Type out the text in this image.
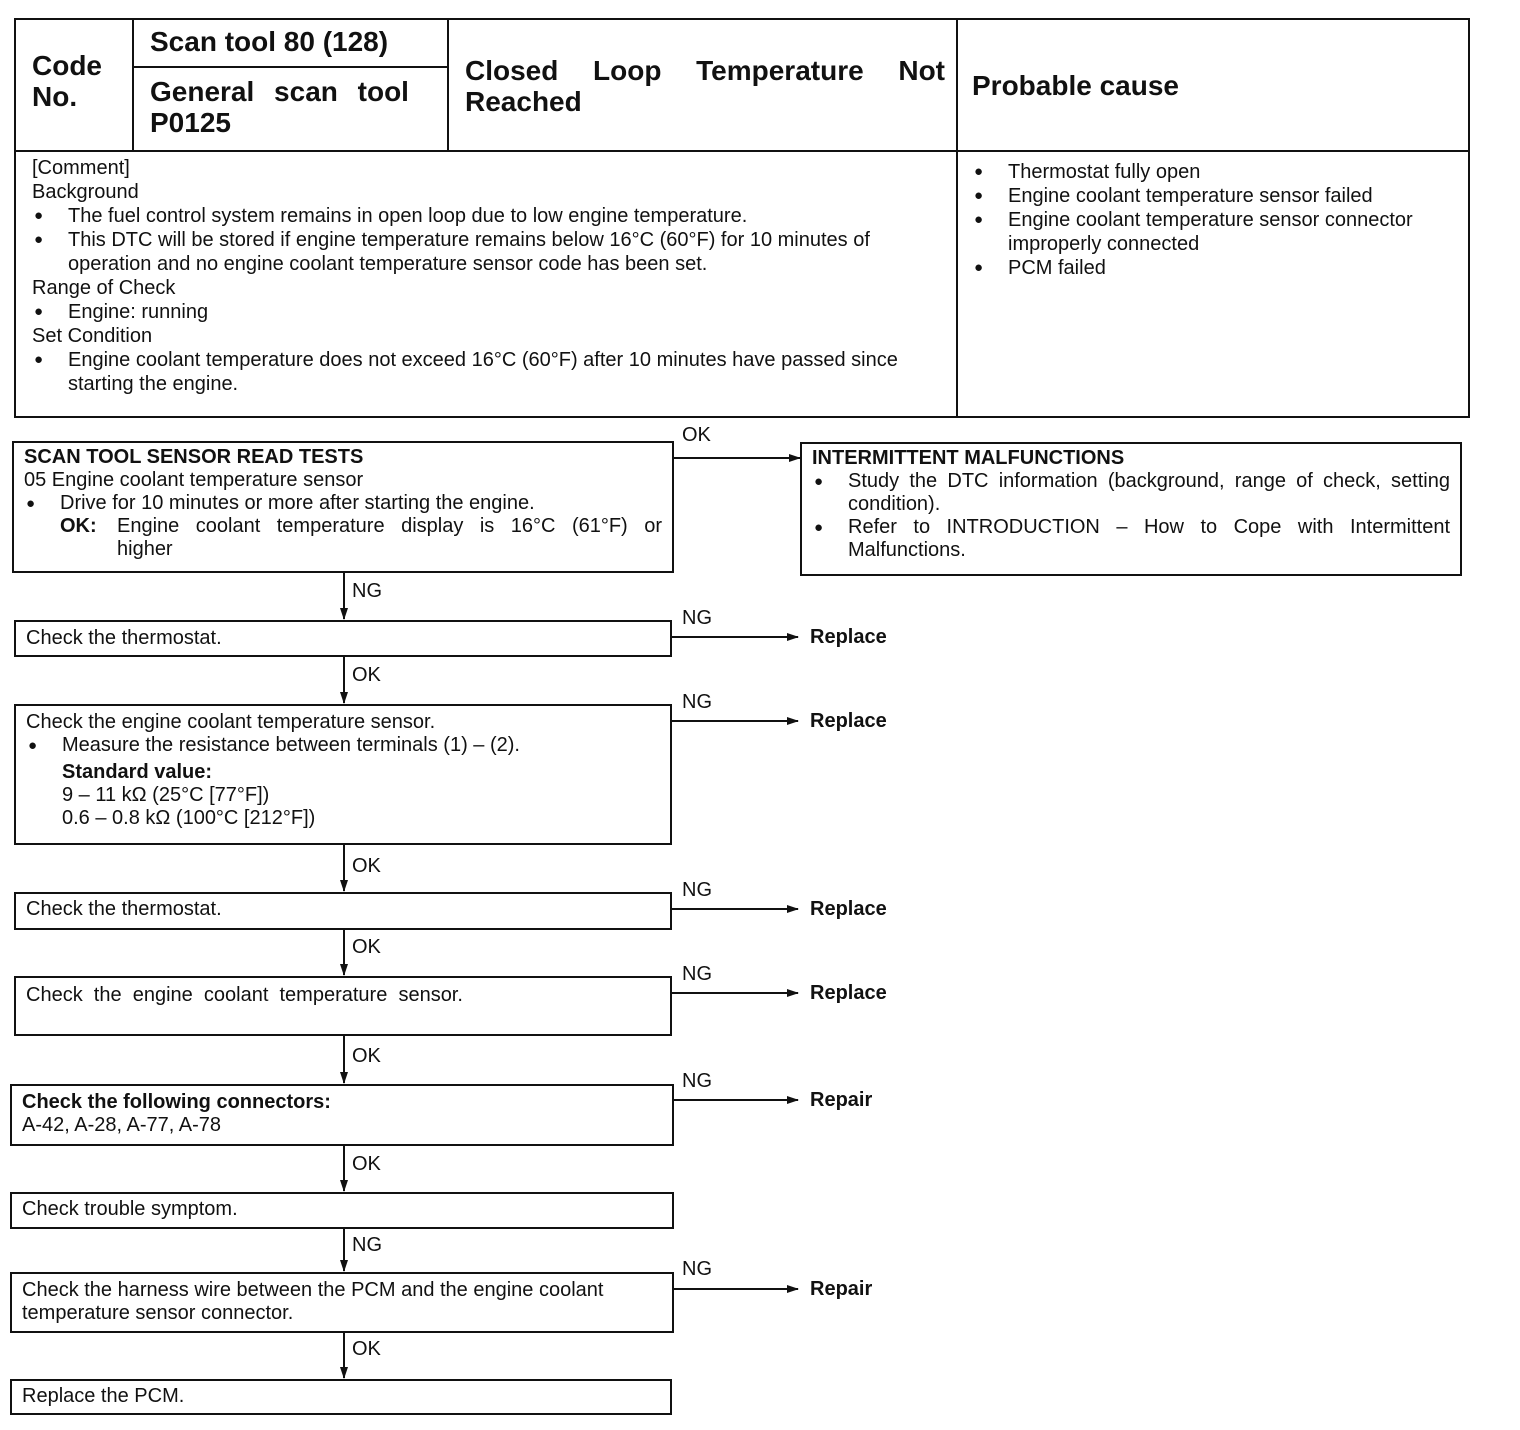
Code No.
Scan tool 80 (128)
General scan tool P0125
Closed Loop Temperature Not Reached
Probable cause
[Comment]
Background
● The fuel control system remains in open loop due to low engine temperature.
● This DTC will be stored if engine temperature remains below 16°C (60°F) for 10 minutes of operation and no engine coolant temperature sensor code has been set.
Range of Check
● Engine: running
Set Condition
● Engine coolant temperature does not exceed 16°C (60°F) after 10 minutes have passed since starting the engine.
● Thermostat fully open
● Engine coolant temperature sensor failed
● Engine coolant temperature sensor connector improperly connected
● PCM failed
SCAN TOOL SENSOR READ TESTS
05 Engine coolant temperature sensor
● Drive for 10 minutes or more after starting the engine.
OK:	Engine coolant temperature display is 16°C (61°F) or higher
INTERMITTENT MALFUNCTIONS
● Study the DTC information (background, range of check, setting condition).
● Refer to INTRODUCTION – How to Cope with Intermittent Malfunctions.
Check the thermostat.
Check the engine coolant temperature sensor.
● Measure the resistance between terminals (1) – (2).
Standard value:
9 – 11 kΩ (25°C [77°F])
0.6 – 0.8 kΩ (100°C [212°F])
Check the thermostat.
Check  the  engine  coolant  temperature  sensor.
Check the following connectors:
A-42, A-28, A-77, A-78
Check trouble symptom.
Check the harness wire between the PCM and the engine coolant temperature sensor connector.
Replace the PCM.
OK
NG
NG
OK
NG
OK
NG
OK
NG
OK
NG
OK
NG
NG
OK
Replace
Replace
Replace
Replace
Repair
Repair
